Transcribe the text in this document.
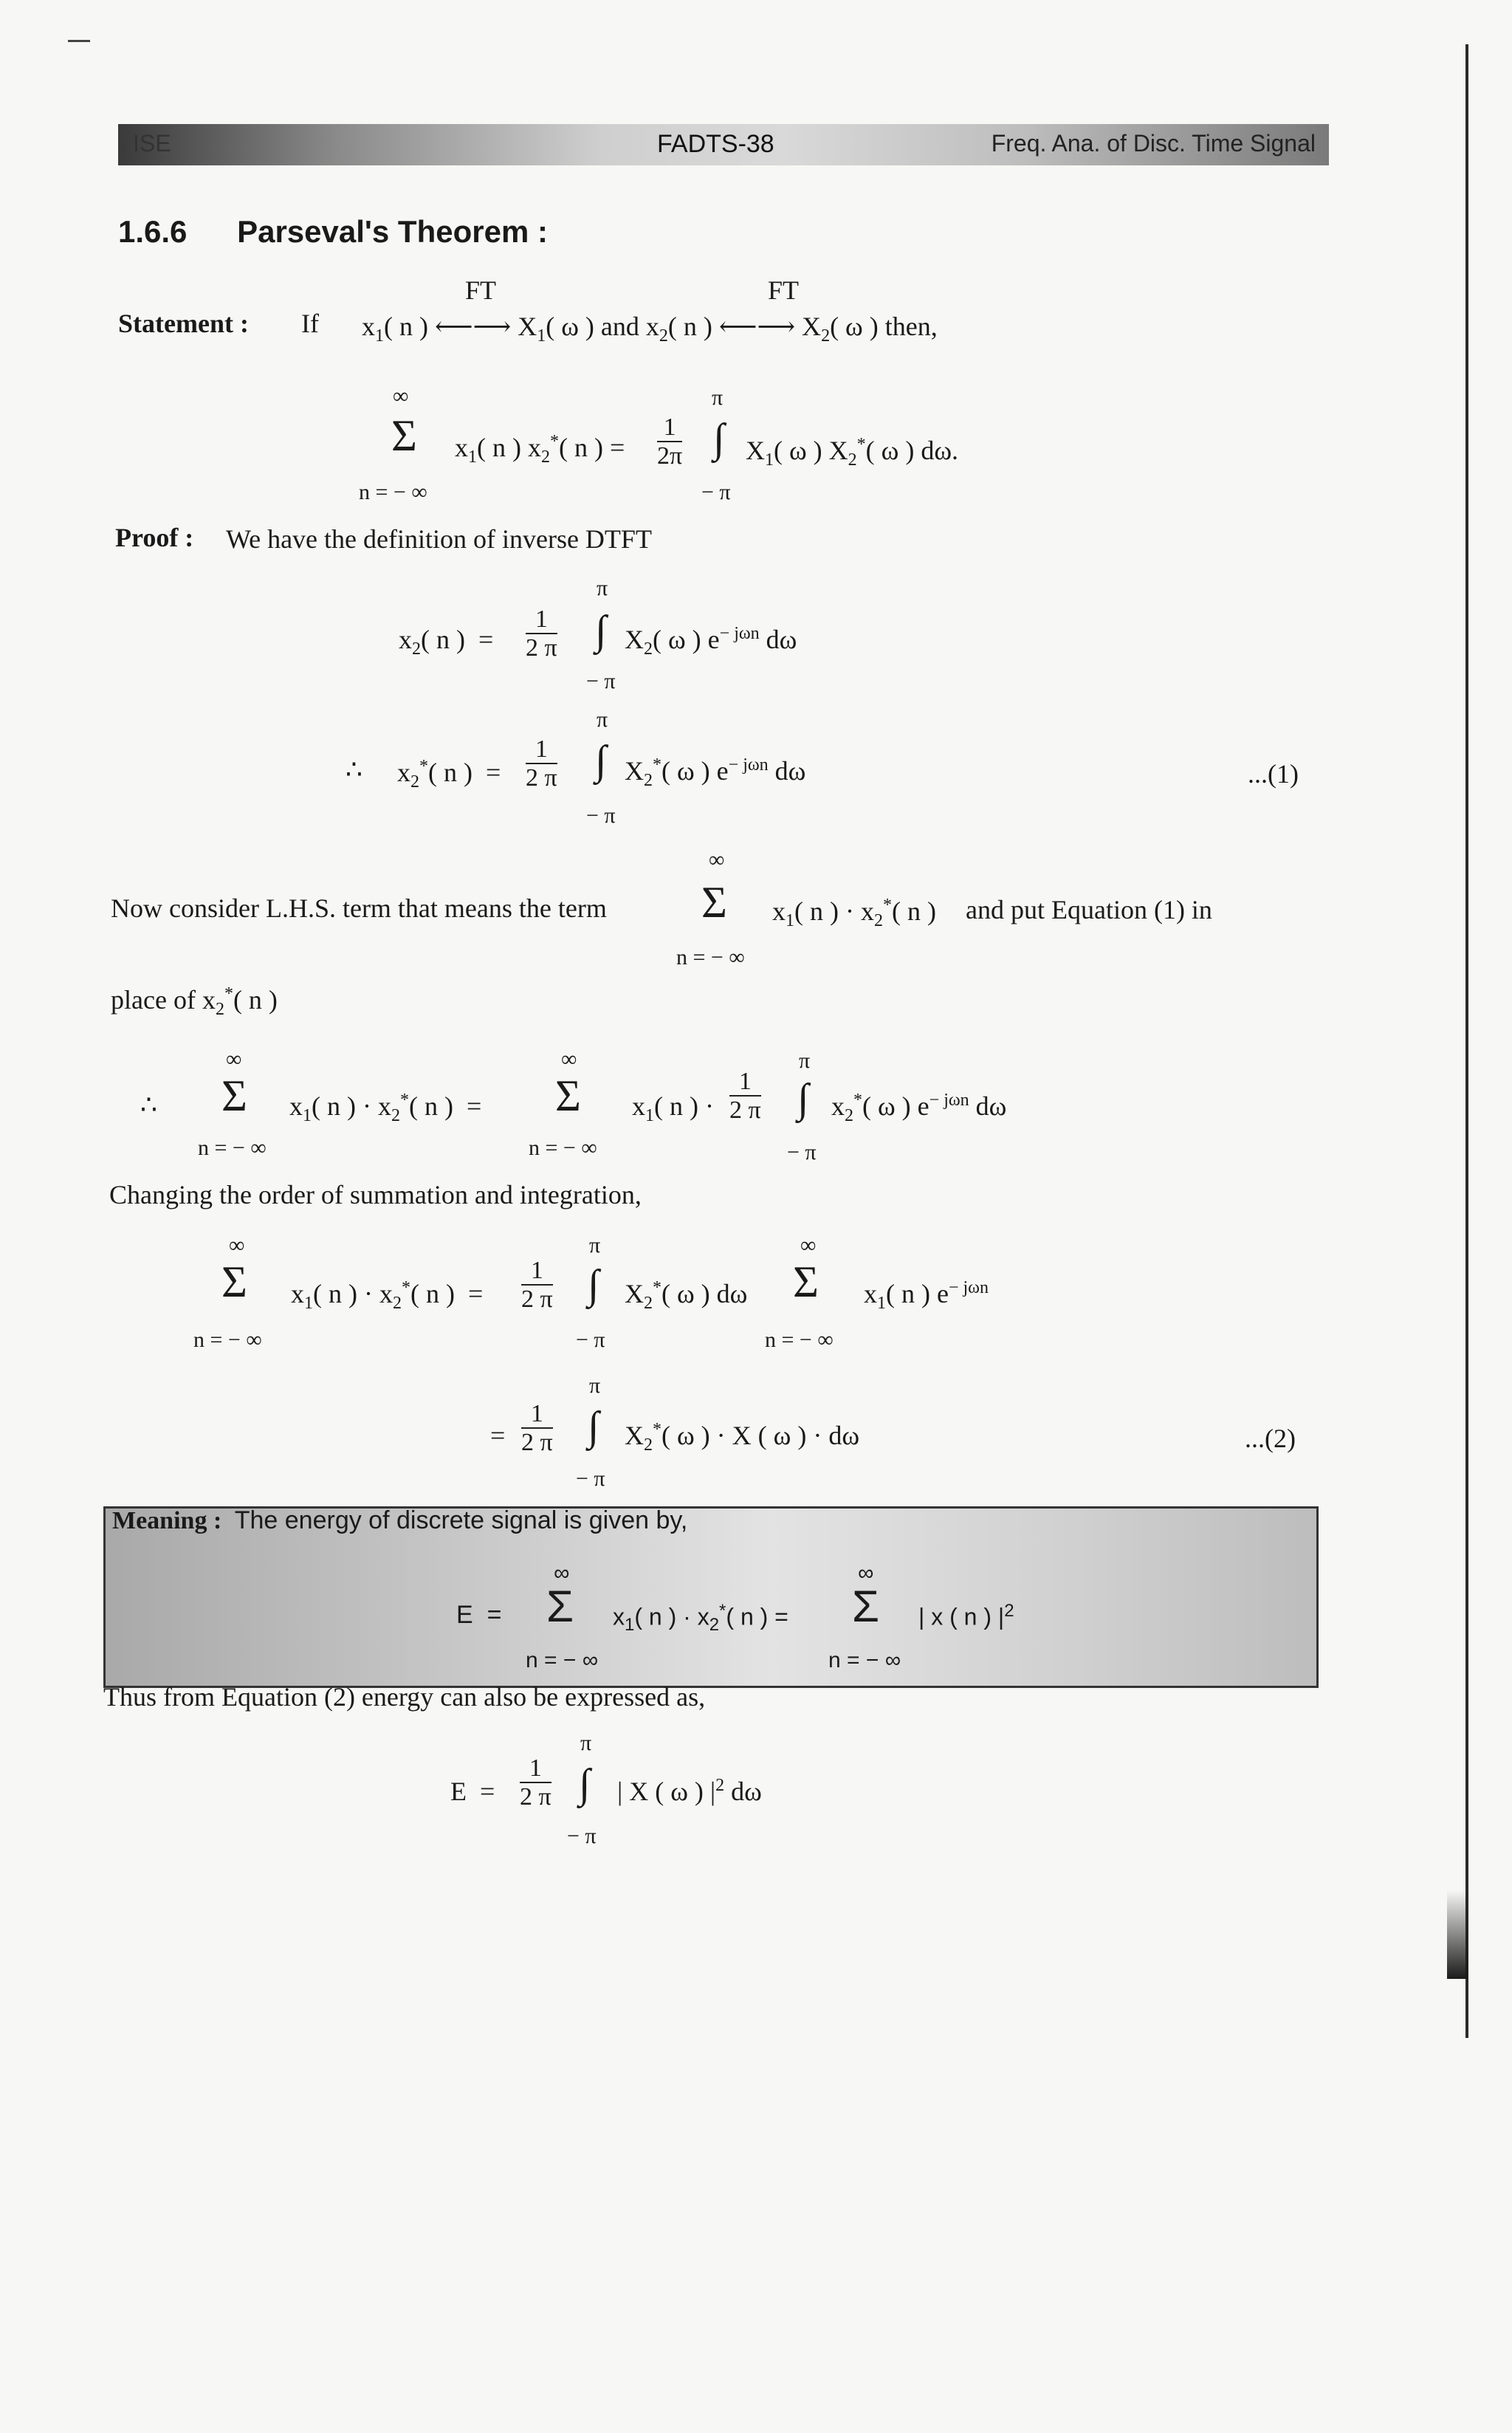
ISE	FADTS-38	Freq. Ana. of Disc. Time Signal
1.6.6 Parseval's Theorem :
Statement : If
FT	FT
$x_1$( n ) ⟵⟶ $X_1$( ω ) and $x_2$( n ) ⟵⟶ $X_2$( ω ) then,
∞
Σ
n = − ∞
$x_1$( n ) $x_2^*$( n ) = $\frac{1}{2\pi}$
π
∫
− π
$X_1$( ω ) $X_2^*$( ω ) dω.
Proof : We have the definition of inverse DTFT
π
$x_2$( n )  = $\frac{1}{2 \pi}$ ∫
− π
$X_2$( ω ) $e^{- j\omega n}$ dω
π
∴ $x_2^*$( n )  = $\frac{1}{2 \pi}$ ∫
− π
$X_2^*$( ω ) $e^{- j\omega n}$ dω	...(1)
∞
Now consider L.H.S. term that means the term Σ $x_1$( n ) · $x_2^*$( n ) and put Equation (1) in
n = − ∞
place of $x_2^*$( n )
∞	∞	π
∴ Σ $x_1$( n ) · $x_2^*$( n )  = Σ $x_1$( n ) · $\frac{1}{2 \pi}$ ∫ $x_2^*$( ω ) $e^{- j\omega n}$ dω
n = − ∞	n = − ∞	− π
Changing the order of summation and integration,
∞	π	∞
Σ $x_1$( n ) · $x_2^*$( n )  = $\frac{1}{2 \pi}$ ∫ $X_2^*$( ω ) dω Σ $x_1$( n ) $e^{- j\omega n}$
n = − ∞	− π	n = − ∞
π
= $\frac{1}{2 \pi}$ ∫ $X_2^*$( ω ) · X ( ω ) · dω
− π
...(2)
Meaning : The energy of discrete signal is given by,
∞	∞
E  = Σ $x_1$( n ) · $x_2^*$( n ) = Σ | x ( n ) $|^2$
n = − ∞	n = − ∞
Thus from Equation (2) energy can also be expressed as,
π
$E = \frac{1}{2 \pi}$ ∫ | X ( ω ) $|^2$ dω
− π
